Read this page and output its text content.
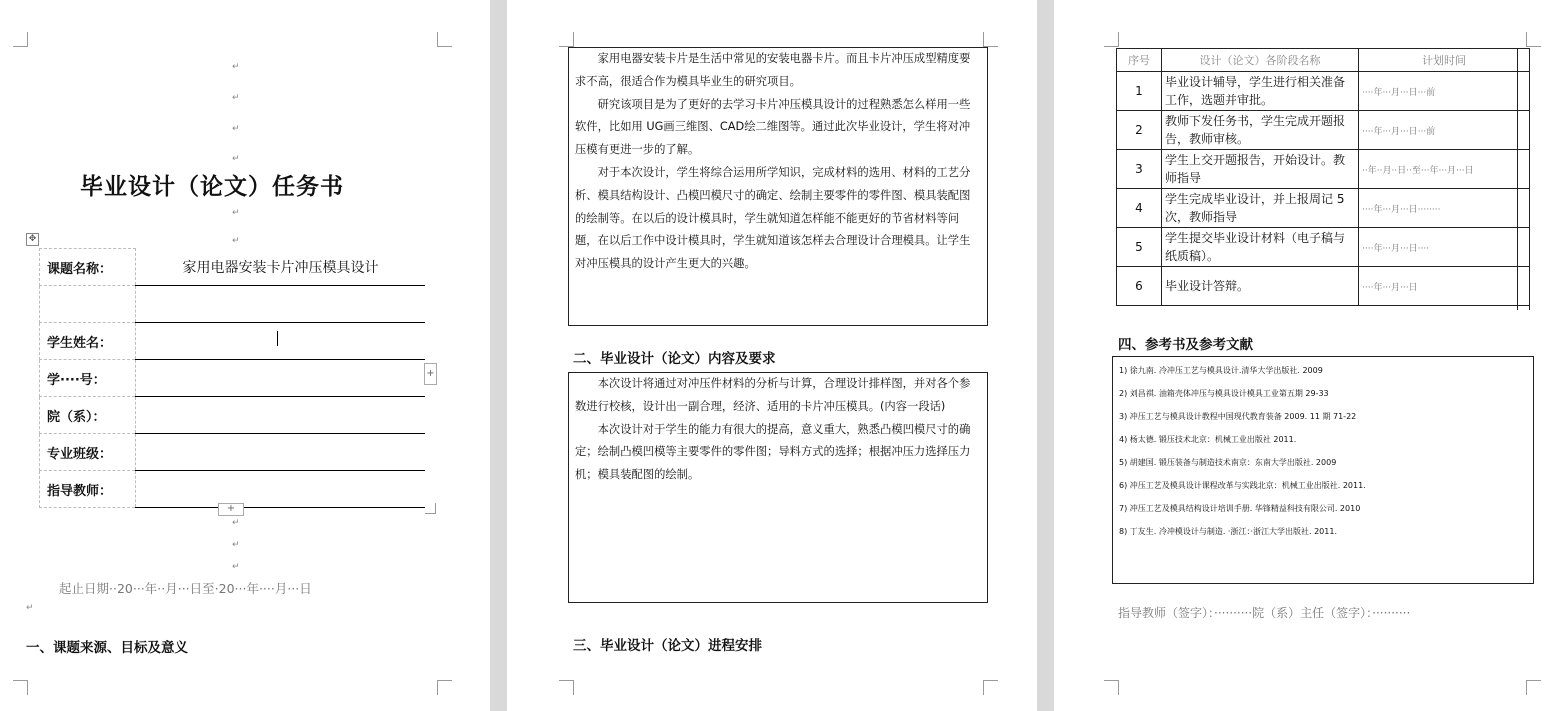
↵
↵
↵
↵
毕业设计（论文）任务书
↵
↵
✥
课题名称：	家用电器安装卡片冲压模具设计

学生姓名：	
学····号：	
院（系）：	
专业班级：	
指导教师：	
+
+
↵
↵
↵
起止日期··20···年··月···日至·20···年····月···日
↵
一、课题来源、目标及意义

家用电器安装卡片是生活中常见的安装电器卡片。而且卡片冲压成型精度要求不高，很适合作为模具毕业生的研究项目。

研究该项目是为了更好的去学习卡片冲压模具设计的过程熟悉怎么样用一些软件，比如用 UG画三维图、CAD绘二维图等。通过此次毕业设计，学生将对冲压模有更进一步的了解。

对于本次设计，学生将综合运用所学知识，完成材料的选用、材料的工艺分析、模具结构设计、凸模凹模尺寸的确定、绘制主要零件的零件图、模具装配图的绘制等。在以后的设计模具时，学生就知道怎样能不能更好的节省材料等问题，在以后工作中设计模具时，学生就知道该怎样去合理设计合理模具。让学生对冲压模具的设计产生更大的兴趣。

二、毕业设计（论文）内容及要求

本次设计将通过对冲压件材料的分析与计算，合理设计排样图，并对各个参数进行校核，设计出一副合理，经济、适用的卡片冲压模具。(内容一段话)

本次设计对于学生的能力有很大的提高，意义重大，熟悉凸模凹模尺寸的确定；绘制凸模凹模等主要零件的零件图；导料方式的选择；根据冲压力选择压力机；模具装配图的绘制。

三、毕业设计（论文）进程安排
序号	设计（论文）各阶段名称	计划时间
1	毕业设计辅导，学生进行相关准备工作，选题并审批。	····年···月···日···前
2	教师下发任务书，学生完成开题报告，教师审核。	····年···月···日···前
3	学生上交开题报告，开始设计。教师指导	··年··月··日··至···年···月···日
4	学生完成毕业设计，并上报周记 5 次，教师指导	····年···月···日········
5	学生提交毕业设计材料（电子稿与纸质稿）。	····年···月···日····
6	毕业设计答辩。	····年···月···日
四、参考书及参考文献

1) 徐九南. 冷冲压工艺与模具设计.清华大学出版社. 2009

2) 刘昌祺. 油箱壳体冲压与模具设计模具工业第五期 29-33

3) 冲压工艺与模具设计教程中国现代教育装备 2009. 11 期 71-22

4) 杨太德. 锻压技术北京：机械工业出版社 2011.

5) 胡建国. 锻压装备与制造技术南京：东南大学出版社. 2009

6) 冲压工艺及模具设计课程改革与实践北京：机械工业出版社. 2011.

7) 冲压工艺及模具结构设计培训手册. 华锋精益科技有限公司. 2010

8) 丁友生. 冷冲模设计与制造. ·浙江：·浙江大学出版社. 2011.

指导教师（签字）：··········院（系）主任（签字）：··········
